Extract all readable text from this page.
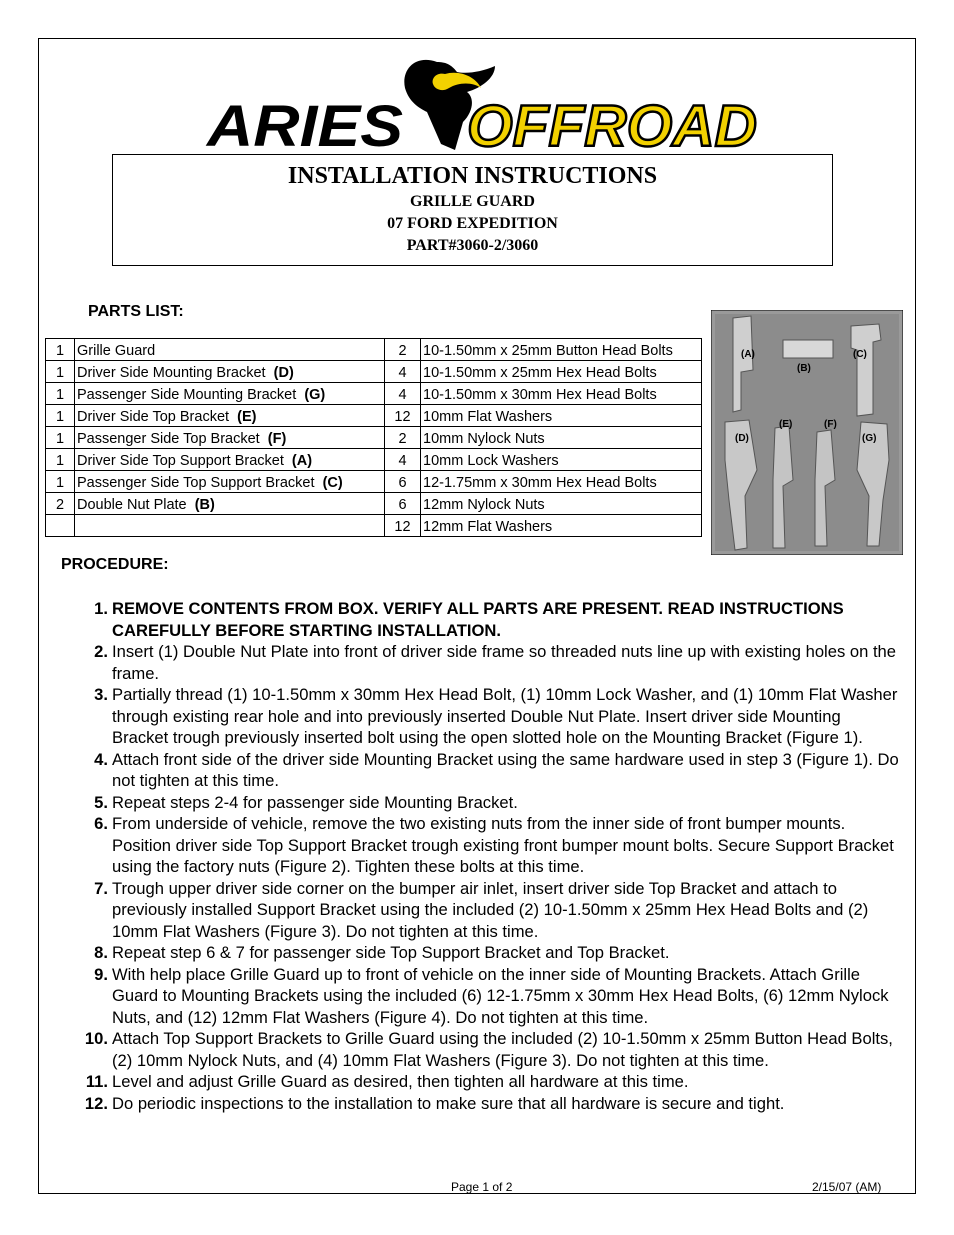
ARIES OFFROAD
INSTALLATION INSTRUCTIONS
GRILLE GUARD
07 FORD EXPEDITION
PART#3060-2/3060
PARTS LIST:
1	Grille Guard	2	10-1.50mm x 25mm Button Head Bolts
1	Driver Side Mounting Bracket (D)	4	10-1.50mm x 25mm Hex Head Bolts
1	Passenger Side Mounting Bracket (G)	4	10-1.50mm x 30mm Hex Head Bolts
1	Driver Side Top Bracket (E)	12	10mm Flat Washers
1	Passenger Side Top Bracket (F)	2	10mm Nylock Nuts
1	Driver Side Top Support Bracket (A)	4	10mm Lock Washers
1	Passenger Side Top Support Bracket (C)	6	12-1.75mm x 30mm Hex Head Bolts
2	Double Nut Plate (B)	6	12mm Nylock Nuts
		12	12mm Flat Washers
(A)
(B)
(C)
(D)
(E)	(F)
(G)
PROCEDURE:
1. REMOVE CONTENTS FROM BOX. VERIFY ALL PARTS ARE PRESENT. READ INSTRUCTIONS CAREFULLY BEFORE STARTING INSTALLATION.
2. Insert (1) Double Nut Plate into front of driver side frame so threaded nuts line up with existing holes on the frame.
3. Partially thread (1) 10-1.50mm x 30mm Hex Head Bolt, (1) 10mm Lock Washer, and (1) 10mm Flat Washer through existing rear hole and into previously inserted Double Nut Plate. Insert driver side Mounting Bracket trough previously inserted bolt using the open slotted hole on the Mounting Bracket (Figure 1).
4. Attach front side of the driver side Mounting Bracket using the same hardware used in step 3 (Figure 1). Do not tighten at this time.
5. Repeat steps 2-4 for passenger side Mounting Bracket.
6. From underside of vehicle, remove the two existing nuts from the inner side of front bumper mounts. Position driver side Top Support Bracket trough existing front bumper mount bolts. Secure Support Bracket using the factory nuts (Figure 2). Tighten these bolts at this time.
7. Trough upper driver side corner on the bumper air inlet, insert driver side Top Bracket and attach to previously installed Support Bracket using the included (2) 10-1.50mm x 25mm Hex Head Bolts and (2) 10mm Flat Washers (Figure 3). Do not tighten at this time.
8. Repeat step 6 & 7 for passenger side Top Support Bracket and Top Bracket.
9. With help place Grille Guard up to front of vehicle on the inner side of Mounting Brackets. Attach Grille Guard to Mounting Brackets using the included (6) 12-1.75mm x 30mm Hex Head Bolts, (6) 12mm Nylock Nuts, and (12) 12mm Flat Washers (Figure 4). Do not tighten at this time.
10. Attach Top Support Brackets to Grille Guard using the included (2) 10-1.50mm x 25mm Button Head Bolts, (2) 10mm Nylock Nuts, and (4) 10mm Flat Washers (Figure 3). Do not tighten at this time.
11. Level and adjust Grille Guard as desired, then tighten all hardware at this time.
12. Do periodic inspections to the installation to make sure that all hardware is secure and tight.
Page 1 of 2	2/15/07 (AM)
